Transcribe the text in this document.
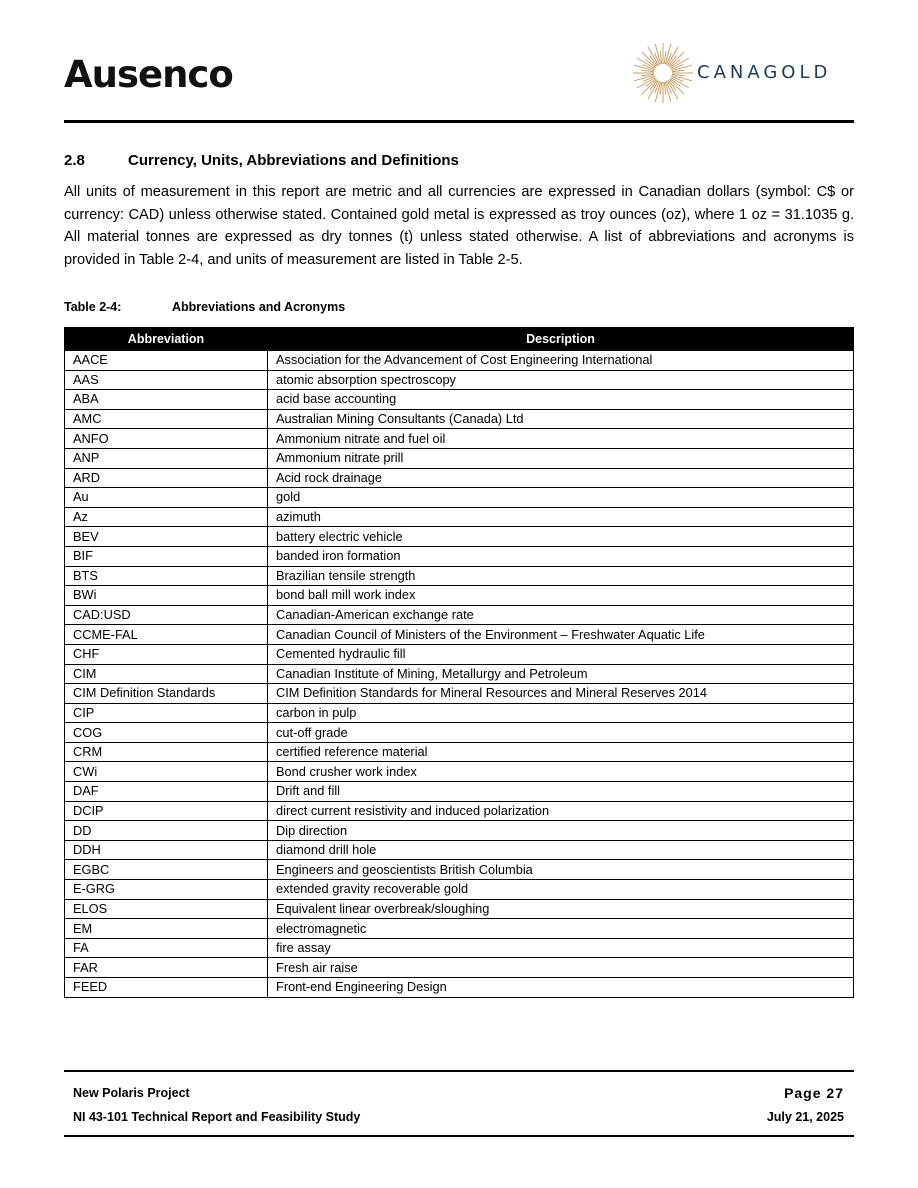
Ausenco	CANAGOLD
2.8	Currency, Units, Abbreviations and Definitions
All units of measurement in this report are metric and all currencies are expressed in Canadian dollars (symbol: C$ or currency: CAD) unless otherwise stated. Contained gold metal is expressed as troy ounces (oz), where 1 oz = 31.1035 g. All material tonnes are expressed as dry tonnes (t) unless stated otherwise. A list of abbreviations and acronyms is provided in Table 2-4, and units of measurement are listed in Table 2-5.
Table 2-4:	Abbreviations and Acronyms
Abbreviation	Description
AACE	Association for the Advancement of Cost Engineering International
AAS	atomic absorption spectroscopy
ABA	acid base accounting
AMC	Australian Mining Consultants (Canada) Ltd
ANFO	Ammonium nitrate and fuel oil
ANP	Ammonium nitrate prill
ARD	Acid rock drainage
Au	gold
Az	azimuth
BEV	battery electric vehicle
BIF	banded iron formation
BTS	Brazilian tensile strength
BWi	bond ball mill work index
CAD:USD	Canadian-American exchange rate
CCME-FAL	Canadian Council of Ministers of the Environment – Freshwater Aquatic Life
CHF	Cemented hydraulic fill
CIM	Canadian Institute of Mining, Metallurgy and Petroleum
CIM Definition Standards	CIM Definition Standards for Mineral Resources and Mineral Reserves 2014
CIP	carbon in pulp
COG	cut-off grade
CRM	certified reference material
CWi	Bond crusher work index
DAF	Drift and fill
DCIP	direct current resistivity and induced polarization
DD	Dip direction
DDH	diamond drill hole
EGBC	Engineers and geoscientists British Columbia
E-GRG	extended gravity recoverable gold
ELOS	Equivalent linear overbreak/sloughing
EM	electromagnetic
FA	fire assay
FAR	Fresh air raise
FEED	Front-end Engineering Design
New Polaris Project
NI 43-101 Technical Report and Feasibility Study
Page 27
July 21, 2025
